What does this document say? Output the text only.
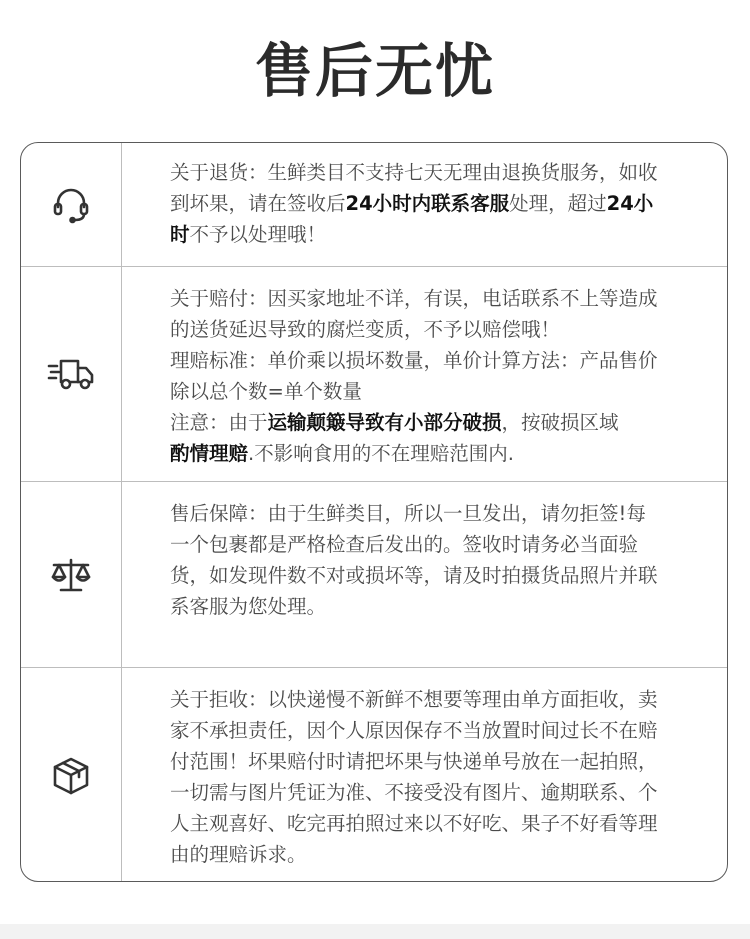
售后无忧

关于退货：生鲜类目不支持七天无理由退换货服务，如收

到坏果，请在签收后24小时内联系客服处理，超过24小

时不予以处理哦！

关于赔付：因买家地址不详，有误，电话联系不上等造成

的送货延迟导致的腐烂变质，不予以赔偿哦！

理赔标准：单价乘以损坏数量，单价计算方法：产品售价

除以总个数=单个数量

注意：由于运输颠簸导致有小部分破损，按破损区域

酌情理赔.不影响食用的不在理赔范围内.

售后保障：由于生鲜类目，所以一旦发出，请勿拒签!每

一个包裹都是严格检查后发出的。签收时请务必当面验

货，如发现件数不对或损坏等，请及时拍摄货品照片并联

系客服为您处理。

关于拒收：以快递慢不新鲜不想要等理由单方面拒收，卖

家不承担责任，因个人原因保存不当放置时间过长不在赔

付范围！坏果赔付时请把坏果与快递单号放在一起拍照，

一切需与图片凭证为准、不接受没有图片、逾期联系、个

人主观喜好、吃完再拍照过来以不好吃、果子不好看等理

由的理赔诉求。
